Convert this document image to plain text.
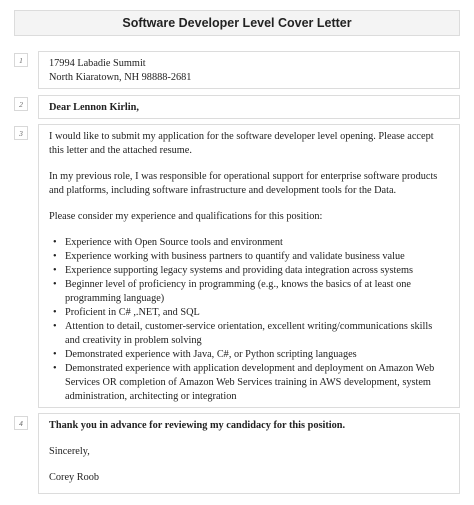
Software Developer Level Cover Letter
1	17994 Labadie Summit

North Kiaratown, NH 98888-2681

2	Dear Lennon Kirlin,

3	I would like to submit my application for the software developer level opening. Please accept this letter and the attached resume.

In my previous role, I was responsible for operational support for enterprise software products and platforms, including software infrastructure and development tools for the Data.

Please consider my experience and qualifications for this position:

• Experience with Open Source tools and environment
• Experience working with business partners to quantify and validate business value
• Experience supporting legacy systems and providing data integration across systems
• Beginner level of proficiency in programming (e.g., knows the basics of at least one programming language)
• Proficient in C# ,.NET, and SQL
• Attention to detail, customer-service orientation, excellent writing/communications skills and creativity in problem solving
• Demonstrated experience with Java, C#, or Python scripting languages
• Demonstrated experience with application development and deployment on Amazon Web Services OR completion of Amazon Web Services training in AWS development, system administration, architecting or integration
4	Thank you in advance for reviewing my candidacy for this position.

Sincerely,

Corey Roob
